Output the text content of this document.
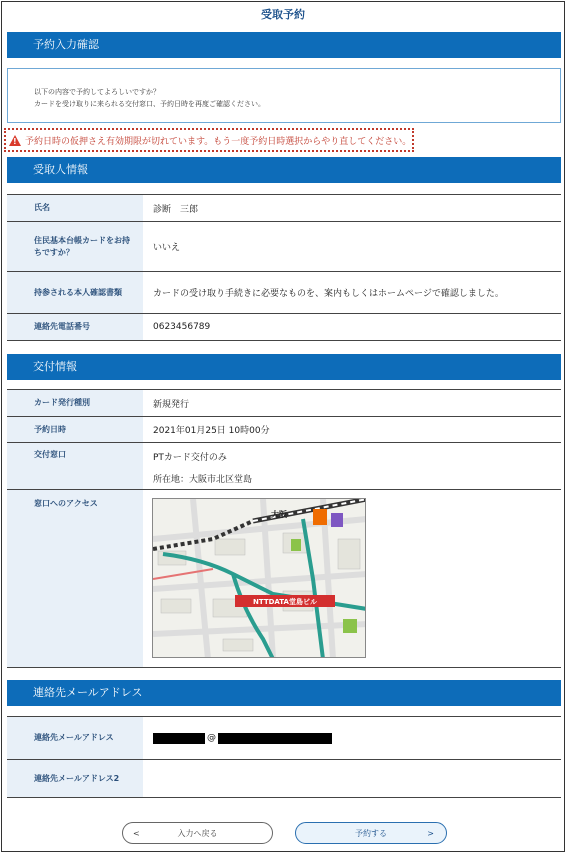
受取予約
予約入力確認
以下の内容で予約してよろしいですか？
カードを受け取りに来られる交付窓口、予約日時を再度ご確認ください。
!
予約日時の仮押さえ有効期限が切れています。もう一度予約日時選択からやり直してください。
受取人情報
氏名	診断　三郎
住民基本台帳カードをお持ちですか？	いいえ
持参される本人確認書類	カードの受け取り手続きに必要なものを、案内もしくはホームページで確認しました。
連絡先電話番号	0623456789
交付情報
カード発行種別	新規発行
予約日時	2021年01月25日 10時00分
交付窓口	PTカード交付のみ
所在地：大阪市北区堂島
窓口へのアクセス
NTTDATA堂島ビル
大阪
連絡先メールアドレス
連絡先メールアドレス	@
連絡先メールアドレス2
<	入力へ戻る	予約する	>
